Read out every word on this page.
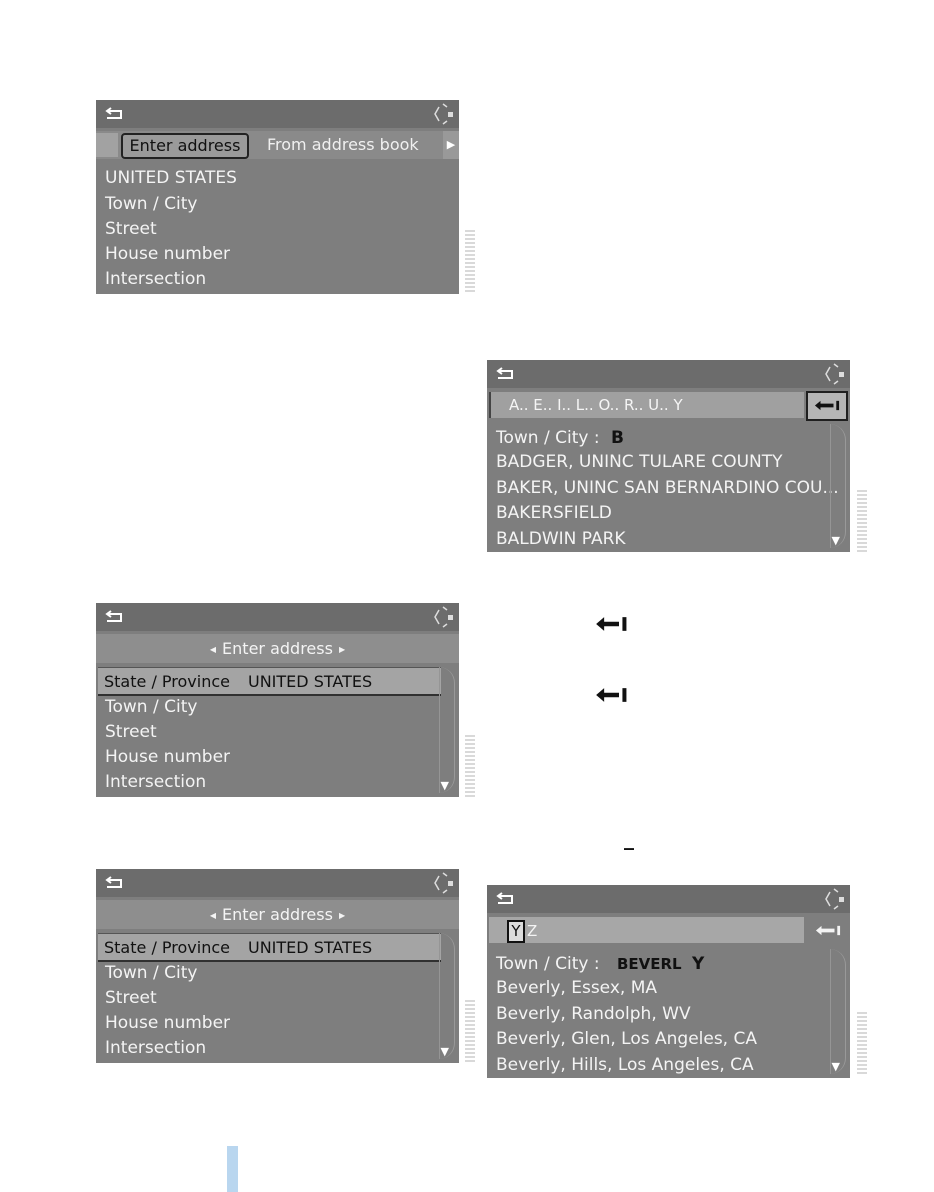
Enter address	From address book	▶
UNITED STATES
Town / City
Street
House number
Intersection
A.. E.. I.. L.. O.. R.. U.. Y
Town / City : B
BADGER, UNINC TULARE COUNTY
BAKER, UNINC SAN BERNARDINO COU...
BAKERSFIELD
BALDWIN PARK	▼
◀ Enter address ▶
State / Province UNITED STATES
Town / City
Street
House number
Intersection	▼
◀ Enter address ▶
State / Province UNITED STATES
Town / City
Street
House number
Intersection	▼
Y Z
Town / City : BEVERL Y
Beverly, Essex, MA
Beverly, Randolph, WV
Beverly, Glen, Los Angeles, CA
Beverly, Hills, Los Angeles, CA	▼
_
